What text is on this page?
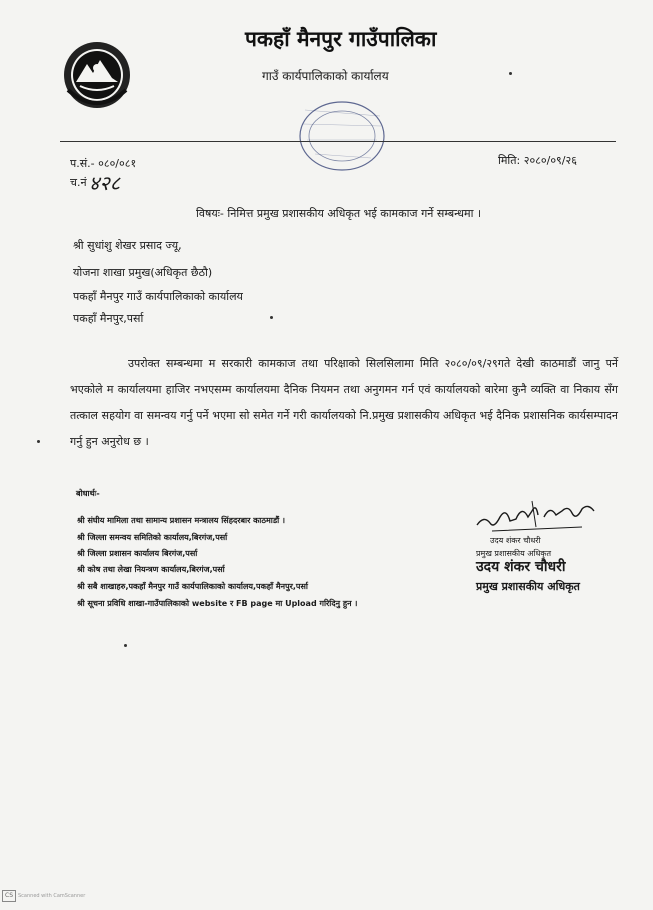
पकहाँ मैनपुर गाउँपालिका
गाउँ कार्यपालिकाको कार्यालय
प.सं.- ०८०/०८१
च.नं ४२८
मिति: २०८०/०९/२६
विषयः- निमित्त प्रमुख प्रशासकीय अधिकृत भई कामकाज गर्ने सम्बन्धमा ।
श्री सुधांशु शेखर प्रसाद ज्यू,
योजना शाखा प्रमुख(अधिकृत छैठौ)
पकहाँ मैनपुर गाउँ कार्यपालिकाको कार्यालय
पकहाँ मैनपुर,पर्सा

उपरोक्त सम्बन्धमा म सरकारी कामकाज तथा परिक्षाको सिलसिलामा मिति २०८०/०९/२९गते देखी काठमाडौं जानु पर्ने भएकोले म कार्यालयमा हाजिर नभएसम्म कार्यालयमा दैनिक नियमन तथा अनुगमन गर्न एवं कार्यालयको बारेमा कुनै व्यक्ति वा निकाय सँग तत्काल सहयोग वा समन्वय गर्नु पर्ने भएमा सो समेत गर्ने गरी कार्यालयको नि.प्रमुख प्रशासकीय अधिकृत भई दैनिक प्रशासनिक कार्यसम्पादन गर्नु हुन अनुरोध छ ।

बोधार्थः-
श्री संघीय मामिला तथा सामान्य प्रशासन मन्त्रालय सिंहदरबार काठमाडौं ।
श्री जिल्ला समन्वय समितिको कार्यालय,बिरगंज,पर्सा
श्री जिल्ला प्रशासन कार्यालय बिरगंज,पर्सा
श्री कोष तथा लेखा नियन्त्रण कार्यालय,बिरगंज,पर्सा
श्री सबै शाखाहरु,पकहाँ मैनपुर गाउँ कार्यपालिकाको कार्यालय,पकहाँ मैनपुर,पर्सा
श्री सूचना प्रविधि शाखा-गाउँपालिकाको website र FB page मा Upload गरिदिनु हुन ।
उदय शंकर चौधरी
प्रमुख प्रशासकीय अधिकृत
उदय शंकर चौधरी
प्रमुख प्रशासकीय अधिकृत
CS	Scanned with CamScanner
